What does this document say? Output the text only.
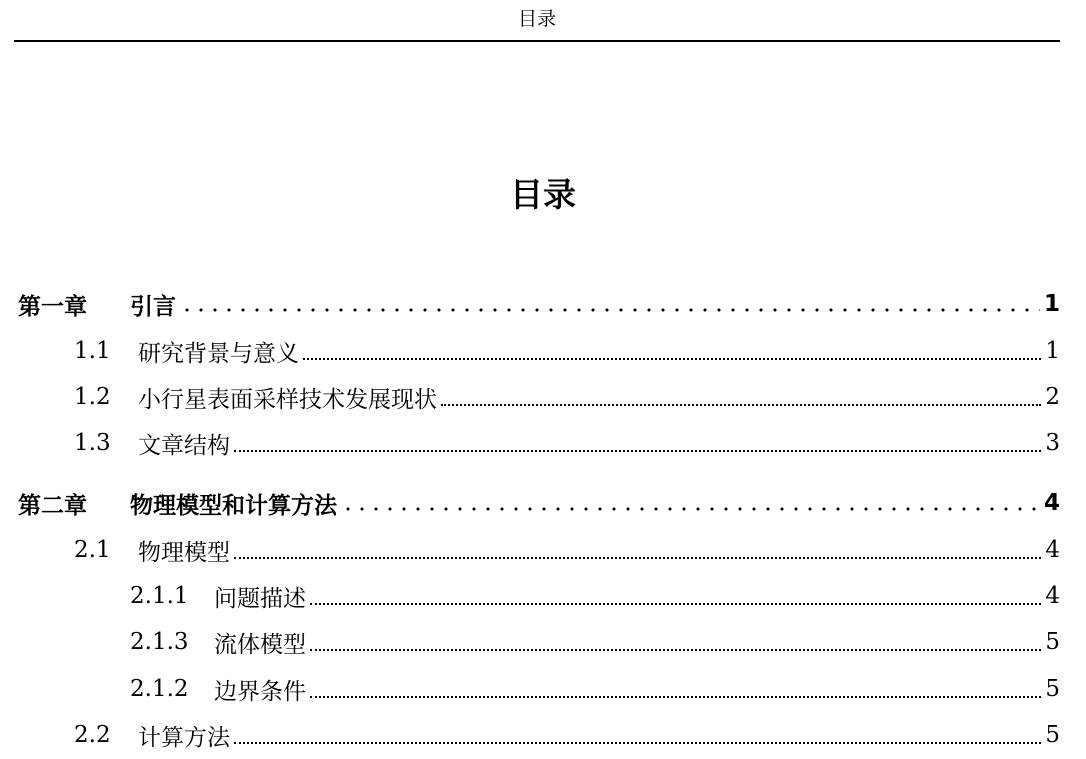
目录
目录
第一章	引言	1
1.1	研究背景与意义	1
1.2	小行星表面采样技术发展现状	2
1.3	文章结构	3
第二章	物理模型和计算方法	4
2.1	物理模型	4
2.1.1	问题描述	4
2.1.3	流体模型	5
2.1.2	边界条件	5
2.2	计算方法	5
